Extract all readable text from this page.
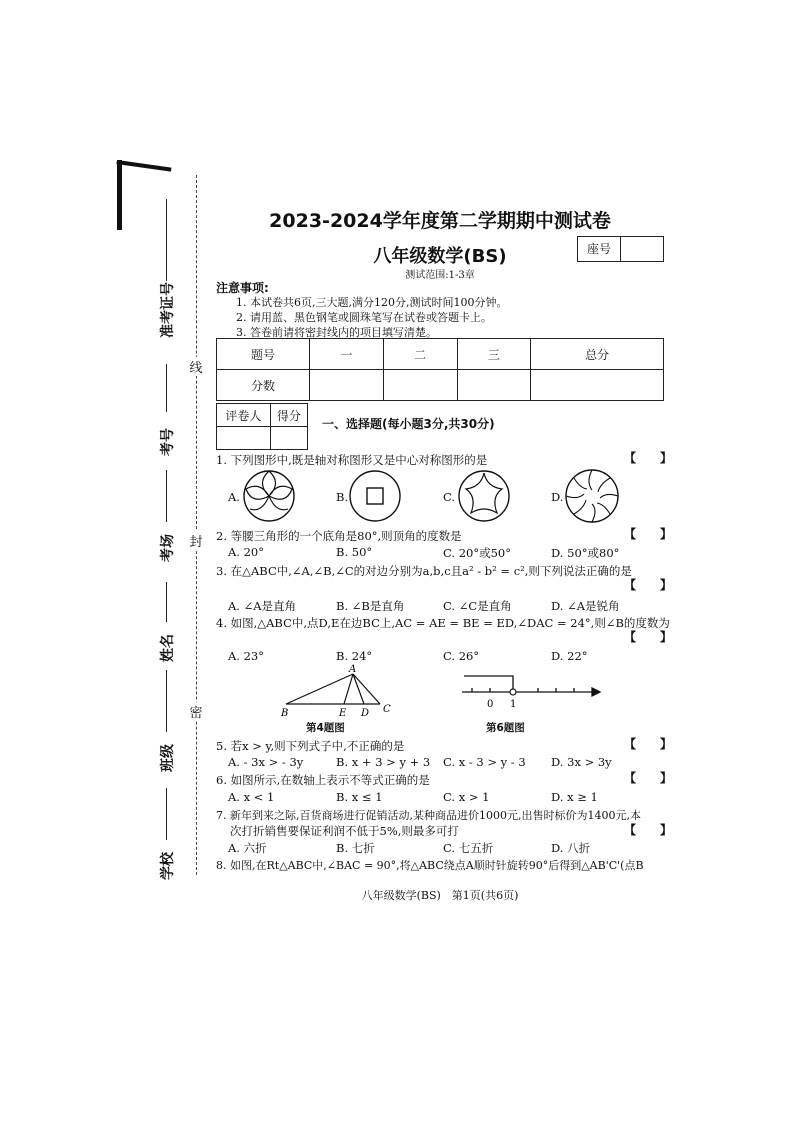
线
封
密
准考证号
考号
考场
姓名
班级
学校
2023-2024学年度第二学期期中测试卷
八年级数学(BS)	座号
测试范围:1-3章
注意事项:
1. 本试卷共6页,三大题,满分120分,测试时间100分钟。
2. 请用蓝、黑色钢笔或圆珠笔写在试卷或答题卡上。
3. 答卷前请将密封线内的项目填写清楚。
题号	一	二	三	总分
分数				
评卷人	得分

一、选择题(每小题3分,共30分)
1. 下列图形中,既是轴对称图形又是中心对称图形的是	【　　】
A.	B.	C.	D.
2. 等腰三角形的一个底角是80°,则顶角的度数是	【　　】
A. 20°	B. 50°	C. 20°或50°	D. 50°或80°
3. 在△ABC中,∠A,∠B,∠C的对边分别为a,b,c且a² - b² = c²,则下列说法正确的是
【　　】
A. ∠A是直角	B. ∠B是直角	C. ∠C是直角	D. ∠A是锐角
4. 如图,△ABC中,点D,E在边BC上,AC = AE = BE = ED,∠DAC = 24°,则∠B的度数为
【　　】
A. 23°	B. 24°	C. 26°	D. 22°
A
B	E D C
第4题图
0 1
第6题图
5. 若x > y,则下列式子中,不正确的是	【　　】
A. - 3x > - 3y	B. x + 3 > y + 3 C. x - 3 > y - 3 D. 3x > 3y
6. 如图所示,在数轴上表示不等式正确的是	【　　】
A. x < 1	B. x ≤ 1	C. x > 1	D. x ≥ 1
7. 新年到来之际,百货商场进行促销活动,某种商品进价1000元,出售时标价为1400元,本
次打折销售要保证利润不低于5%,则最多可打	【　　】
A. 六折	B. 七折	C. 七五折	D. 八折
8. 如图,在Rt△ABC中,∠BAC = 90°,将△ABC绕点A顺时针旋转90°后得到△AB'C'(点B
八年级数学(BS)　第1页(共6页)
